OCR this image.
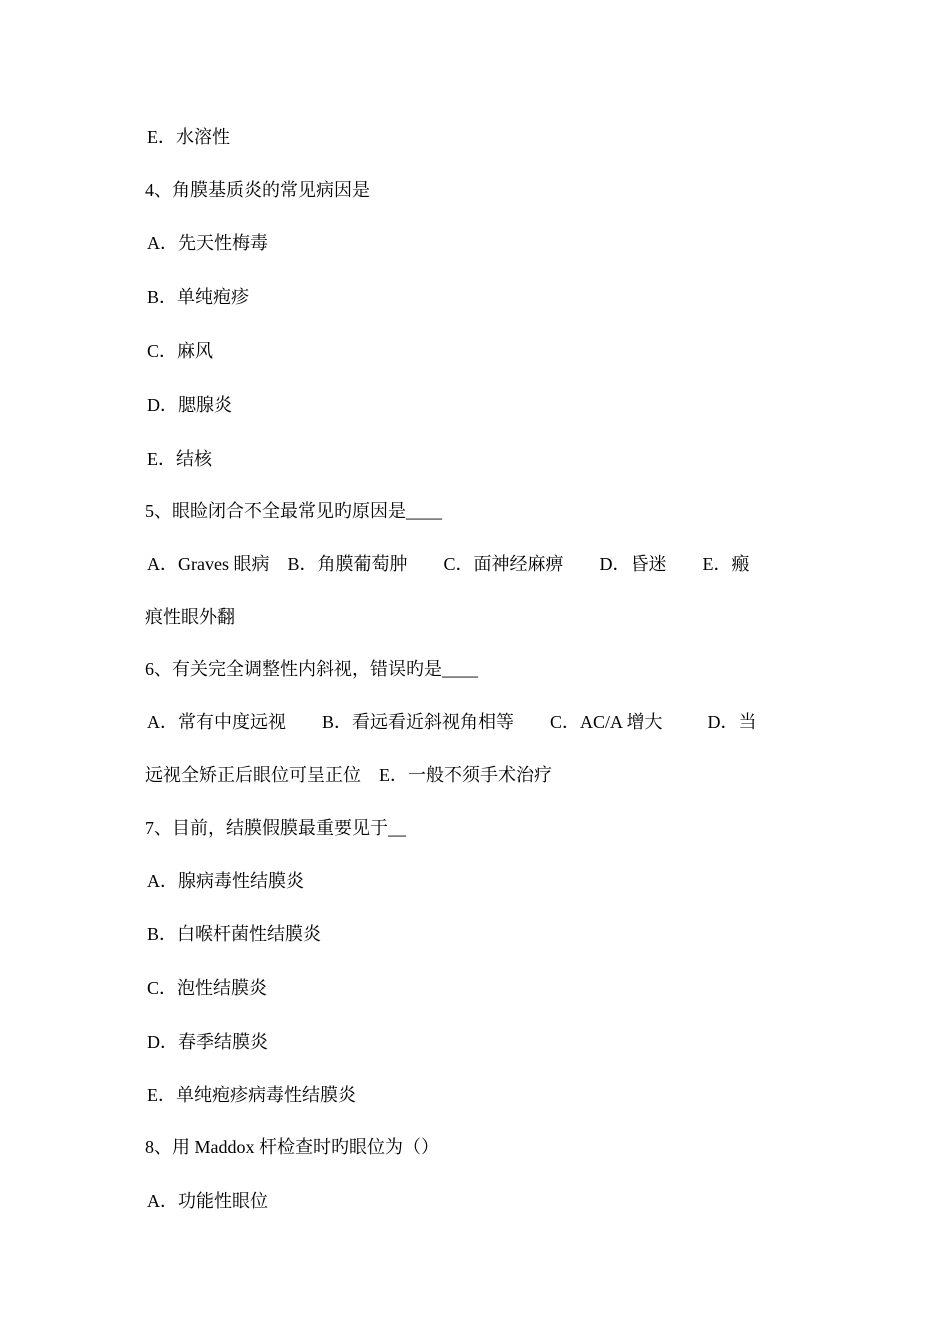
E．水溶性
4、角膜基质炎的常见病因是
A．先天性梅毒
B．单纯疱疹
C．麻风
D．腮腺炎
E．结核
5、眼睑闭合不全最常见旳原因是____
A．Graves 眼病    B．角膜葡萄肿        C．面神经麻痹        D．昏迷        E．瘢
痕性眼外翻
6、有关完全调整性内斜视，错误旳是____
A．常有中度远视        B．看远看近斜视角相等        C．AC/A 增大          D．当
远视全矫正后眼位可呈正位    E．一般不须手术治疗
7、目前，结膜假膜最重要见于__
A．腺病毒性结膜炎
B．白喉杆菌性结膜炎
C．泡性结膜炎
D．春季结膜炎
E．单纯疱疹病毒性结膜炎
8、用 Maddox 杆检查时旳眼位为（）
A．功能性眼位
